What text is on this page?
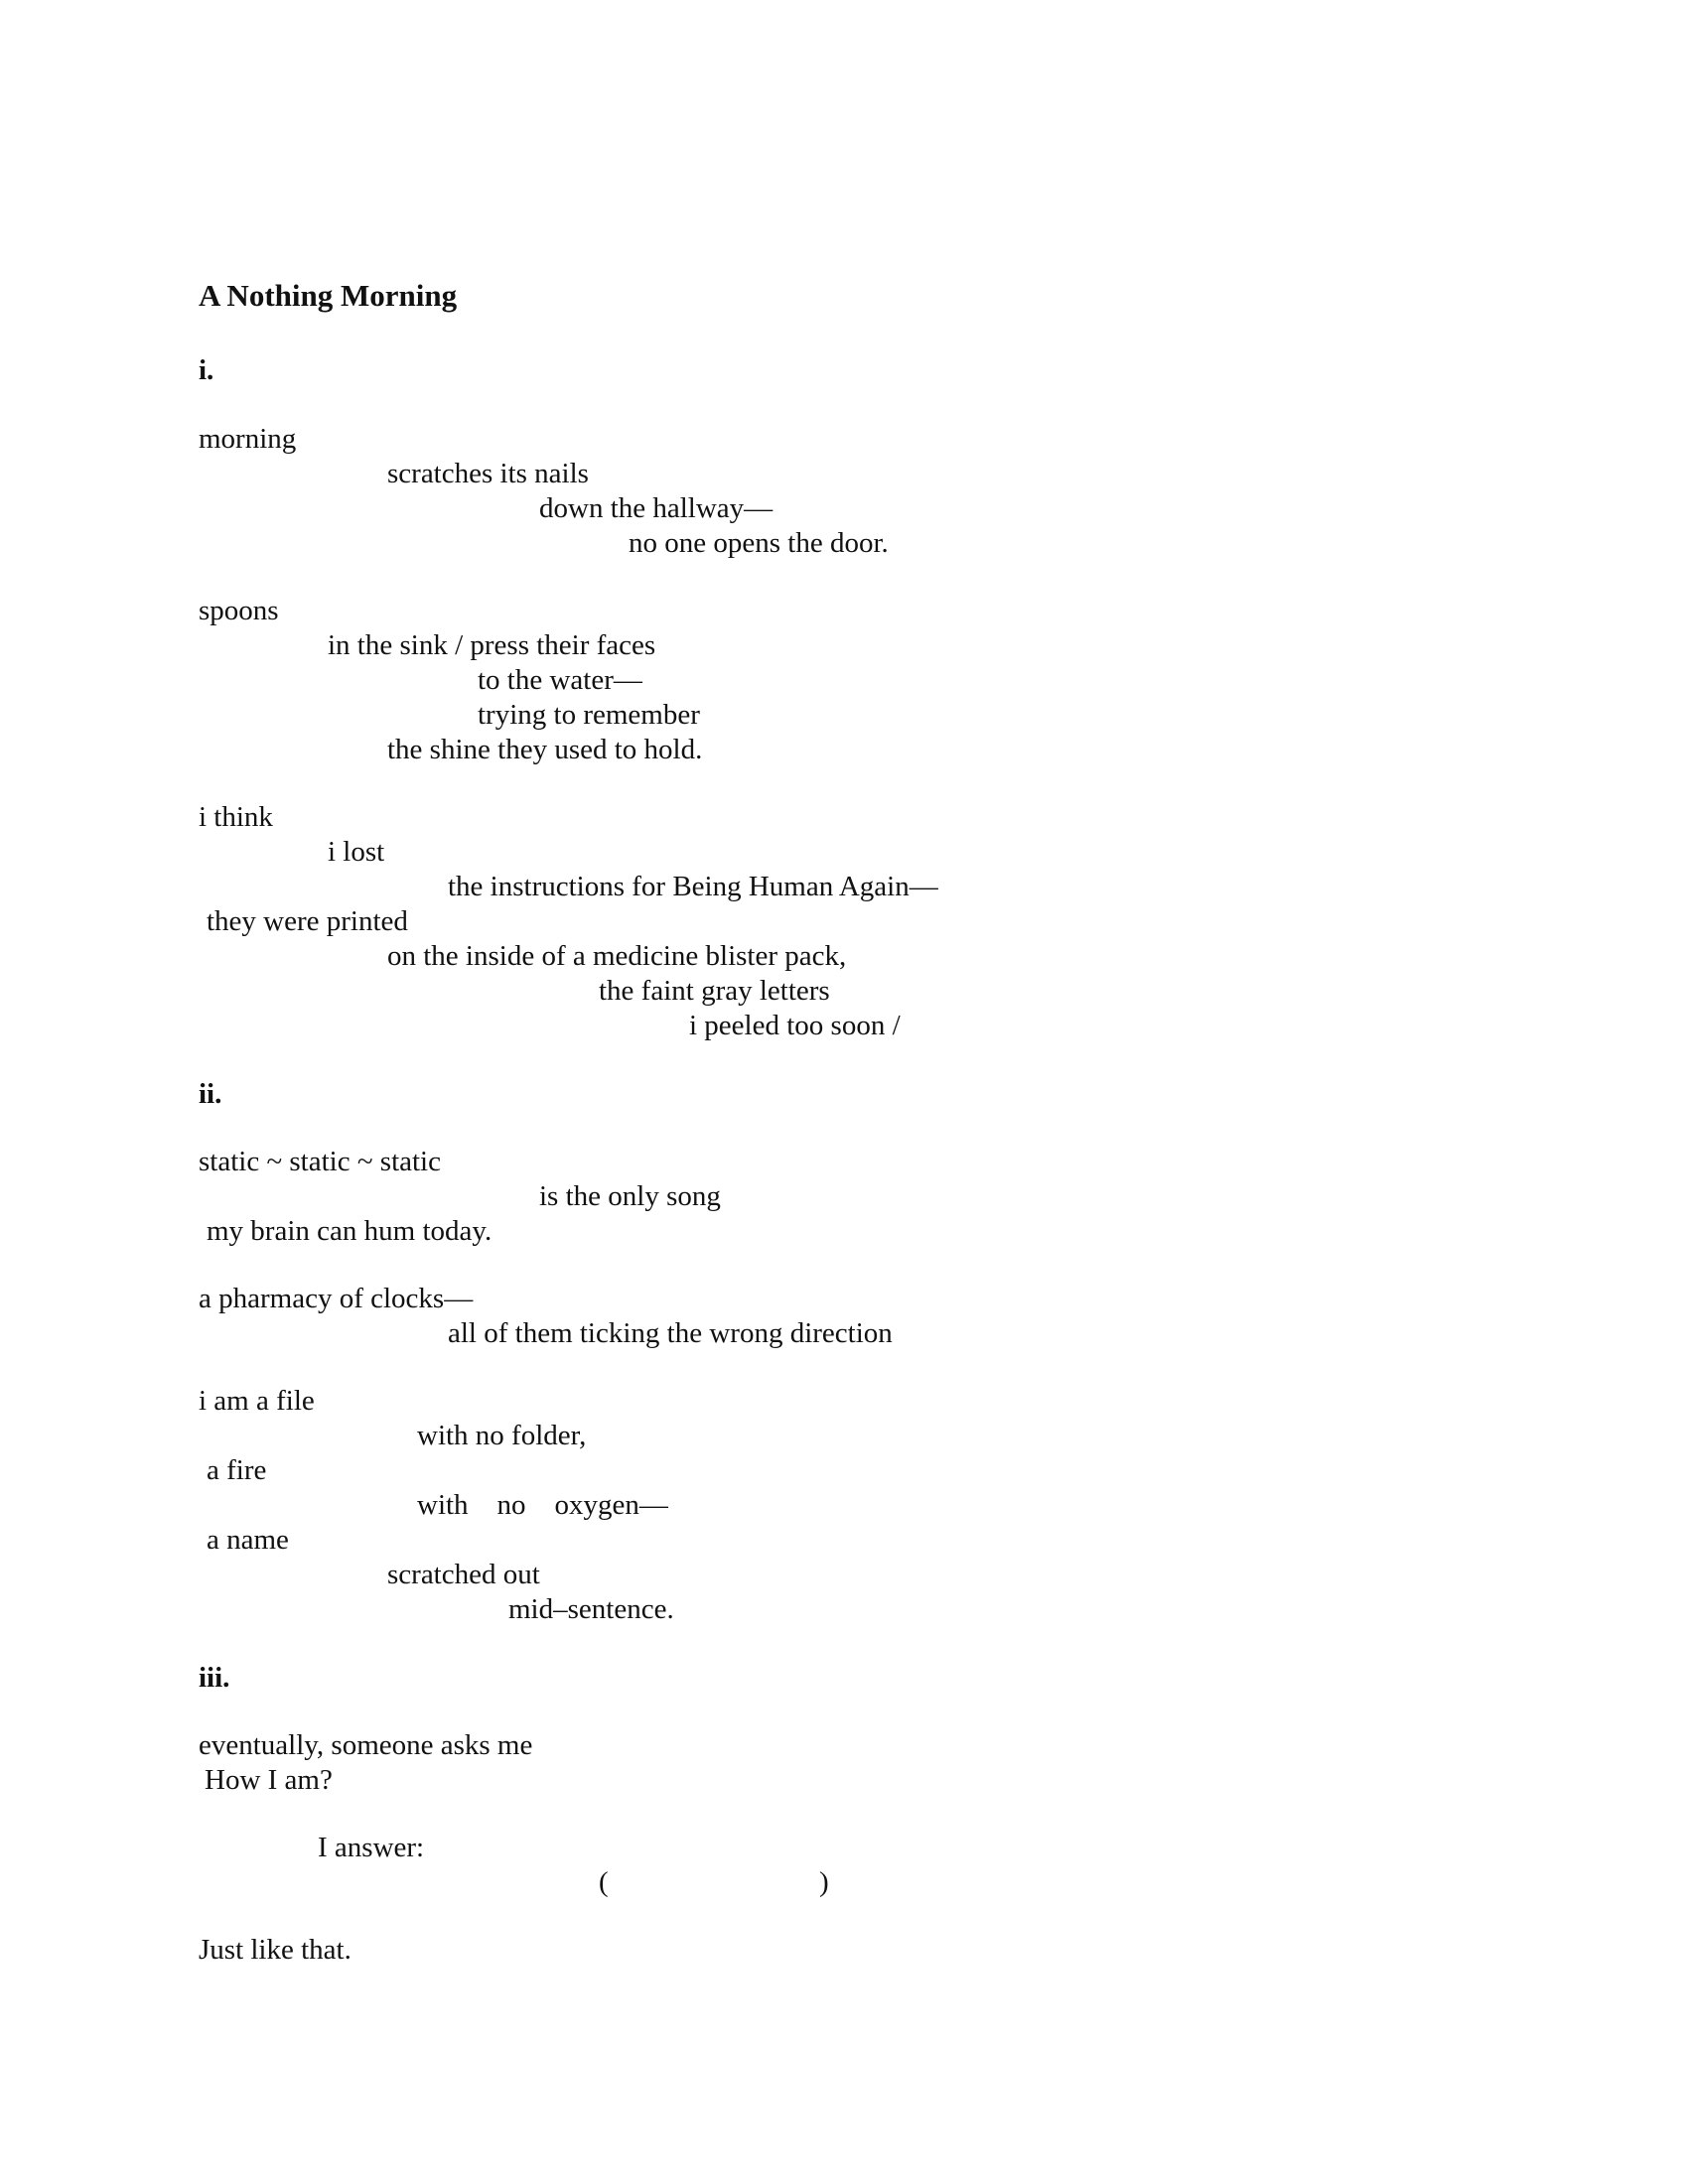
A Nothing Morning
i.
morning
scratches its nails
down the hallway—
no one opens the door.
spoons
in the sink / press their faces
to the water—
trying to remember
the shine they used to hold.
i think
i lost
the instructions for Being Human Again—
they were printed
on the inside of a medicine blister pack,
the faint gray letters
i peeled too soon /
ii.
static ~ static ~ static
is the only song
my brain can hum today.
a pharmacy of clocks—
all of them ticking the wrong direction
i am a file
with no folder,
a fire
with    no    oxygen—
a name
scratched out
mid–sentence.
iii.
eventually, someone asks me
How I am?
I answer:
(	)
Just like that.
